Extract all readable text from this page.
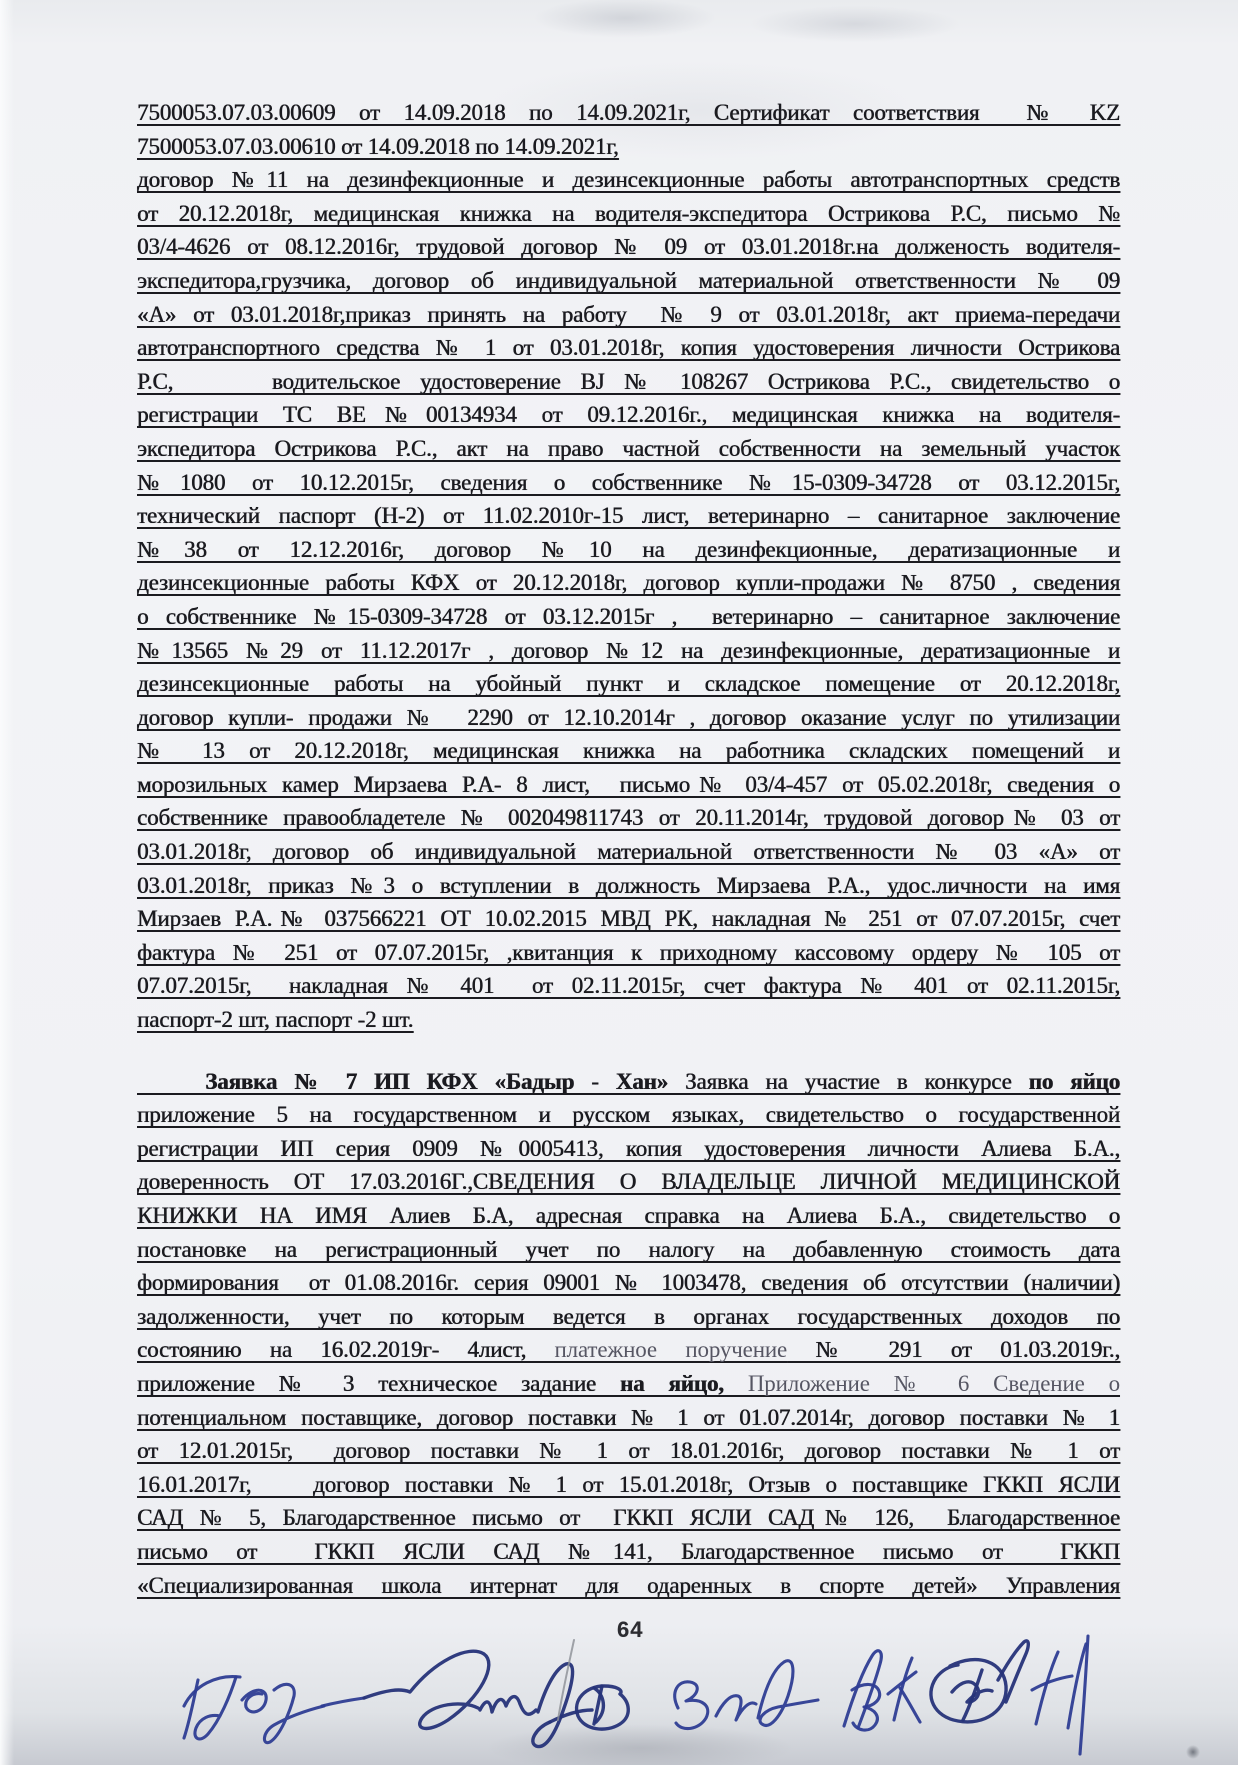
7500053.07.03.00609 от 14.09.2018 по 14.09.2021г, Сертификат соответствия  № KZ
7500053.07.03.00610 от 14.09.2018 по 14.09.2021г,
договор №11 на дезинфекционные и дезинсекционные работы автотранспортных средств
от 20.12.2018г, медицинская книжка на водителя-экспедитора Острикова Р.С, письмо №
03/4-4626 от 08.12.2016г, трудовой договор № 09 от 03.01.2018г.на долженость водителя-
экспедитора,грузчика, договор об индивидуальной материальной ответственности № 09
«А» от 03.01.2018г,приказ принять на работу  № 9 от 03.01.2018г, акт приема-передачи
автотранспортного средства № 1 от 03.01.2018г, копия удостоверения личности Острикова
Р.С,     водительское удостоверение BJ № 108267 Острикова Р.С., свидетельство о
регистрации ТС ВЕ№00134934 от 09.12.2016г., медицинская книжка на водителя-
экспедитора Острикова Р.С., акт на право частной собственности на земельный участок
№1080 от 10.12.2015г, сведения о собственнике №15-0309-34728 от 03.12.2015г,
технический паспорт (Н-2) от 11.02.2010г-15 лист, ветеринарно – санитарное заключение
№38 от 12.12.2016г, договор №10 на дезинфекционные, дератизационные и
дезинсекционные работы КФХ от 20.12.2018г, договор купли-продажи № 8750 , сведения
о собственнике №15-0309-34728 от 03.12.2015г ,  ветеринарно – санитарное заключение
№13565 №29 от 11.12.2017г , договор №12 на дезинфекционные, дератизационные и
дезинсекционные работы на убойный пункт и складское помещение от 20.12.2018г,
договор купли- продажи №  2290 от 12.10.2014г , договор оказание услуг по утилизации
№ 13 от 20.12.2018г, медицинская книжка на работника складских помещений и
морозильных камер Мирзаева Р.А- 8 лист,  письмо№ 03/4-457 от 05.02.2018г, сведения о
собственнике правообладетеле № 002049811743 от 20.11.2014г, трудовой договор№ 03 от
03.01.2018г, договор об индивидуальной материальной ответственности № 03 «А» от
03.01.2018г, приказ №3 о вступлении в должность Мирзаева Р.А., удос.личности на имя
Мирзаев Р.А.№ 037566221 ОТ 10.02.2015 МВД РК, накладная № 251 от 07.07.2015г, счет
фактура № 251 от 07.07.2015г, ,квитанция к приходному кассовому ордеру № 105 от
07.07.2015г,  накладная № 401  от 02.11.2015г, счет фактура № 401 от 02.11.2015г,
паспорт-2 шт, паспорт -2 шт.
Заявка № 7 ИП КФХ «Бадыр - Хан» Заявка на участие в конкурсе по яйцо
приложение 5 на государственном и русском языках, свидетельство о государственной
регистрации ИП серия 0909 №0005413, копия удостоверения личности Алиева Б.А.,
доверенность ОТ 17.03.2016Г.,СВЕДЕНИЯ О ВЛАДЕЛЬЦЕ ЛИЧНОЙ МЕДИЦИНСКОЙ
КНИЖКИ НА ИМЯ Алиев Б.А, адресная справка на Алиева Б.А., свидетельство о
постановке на регистрационный учет по налогу на добавленную стоимость дата
формирования  от 01.08.2016г. серия 09001 № 1003478, сведения об отсутствии (наличии)
задолженности, учет по которым ведется в органах государственных доходов по
состоянию на 16.02.2019г- 4лист, платежное поручение № 291 от 01.03.2019г.,
приложение № 3 техническое задание на яйцо, Приложение № 6 Сведение о
потенциальном поставщике, договор поставки № 1 от 01.07.2014г, договор поставки № 1
от 12.01.2015г,  договор поставки № 1 от 18.01.2016г, договор поставки № 1 от
16.01.2017г,    договор поставки № 1 от 15.01.2018г, Отзыв о поставщике ГККП ЯСЛИ
САД № 5, Благодарственное письмо от  ГККП ЯСЛИ САД№ 126,  Благодарственное
письмо от  ГККП ЯСЛИ САД №141, Благодарственное письмо от  ГККП
«Специализированная школа интернат для одаренных в спорте детей» Управления
64
